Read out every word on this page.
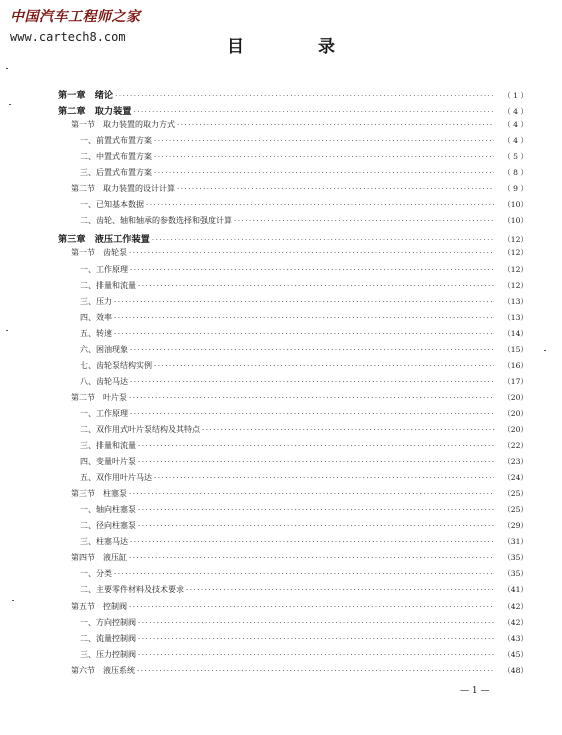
中国汽车工程师之家
www.cartech8.com	目 录
第一章　绪论 ·····	（ 1 ）
第二章　取力装置 ·····	（ 4 ）
第一节　取力装置的取力方式 ·····	（ 4 ）
一、前置式布置方案 ·····	（ 4 ）
二、中置式布置方案 ·····	（ 5 ）
三、后置式布置方案 ·····	（ 8 ）
第二节　取力装置的设计计算 ·····	（ 9 ）
一、已知基本数据 ·····	（10）
二、齿轮、轴和轴承的参数选择和强度计算 ·····	（10）
第三章　液压工作装置 ·····	（12）
第一节　齿轮泵 ·····	（12）
一、工作原理 ·····	（12）
二、排量和流量 ·····	（12）
三、压力 ·····	（13）
四、效率 ·····	（13）
五、转速 ·····	（14）
六、困油现象 ·····	（15）
七、齿轮泵结构实例 ·····	（16）
八、齿轮马达 ·····	（17）
第二节　叶片泵 ·····	（20）
一、工作原理 ·····	（20）
二、双作用式叶片泵结构及其特点 ·····	（20）
三、排量和流量 ·····	（22）
四、变量叶片泵 ·····	（23）
五、双作用叶片马达 ·····	（24）
第三节　柱塞泵 ·····	（25）
一、轴向柱塞泵 ·····	（25）
二、径向柱塞泵 ·····	（29）
三、柱塞马达 ·····	（31）
第四节　液压缸 ·····	（35）
一、分类 ·····	（35）
二、主要零件材料及技术要求 ·····	（41）
第五节　控制阀 ·····	（42）
一、方向控制阀 ·····	（42）
二、流量控制阀 ·····	（43）
三、压力控制阀 ·····	（45）
第六节　液压系统 ·····	（48）
— 1 —
